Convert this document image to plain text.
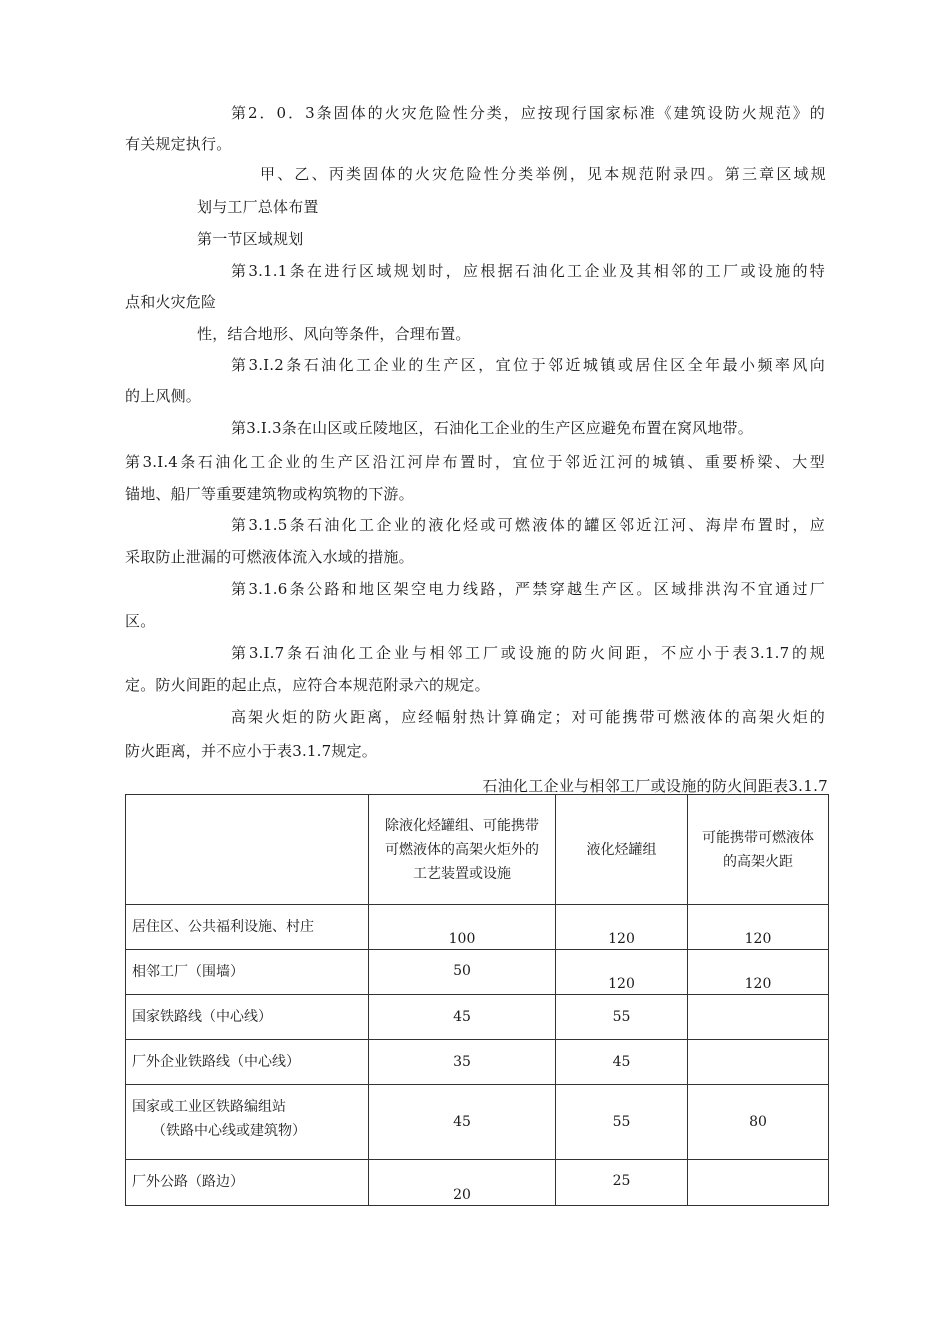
第2．0．3条固体的火灾危险性分类，应按现行国家标准《建筑设防火规范》的
有关规定执行。
甲、乙、丙类固体的火灾危险性分类举例，见本规范附录四。第三章区域规
划与工厂总体布置
第一节区域规划
第3.1.1条在进行区域规划时，应根据石油化工企业及其相邻的工厂或设施的特
点和火灾危险
性，结合地形、风向等条件，合理布置。
第3.I.2条石油化工企业的生产区，宜位于邻近城镇或居住区全年最小频率风向
的上风侧。
第3.I.3条在山区或丘陵地区，石油化工企业的生产区应避免布置在窝风地带。
第3.I.4条石油化工企业的生产区沿江河岸布置时，宜位于邻近江河的城镇、重要桥梁、大型
锚地、船厂等重要建筑物或构筑物的下游。
第3.1.5条石油化工企业的液化烃或可燃液体的罐区邻近江河、海岸布置时，应
采取防止泄漏的可燃液体流入水域的措施。
第3.1.6条公路和地区架空电力线路，严禁穿越生产区。区域排洪沟不宜通过厂
区。
第3.I.7条石油化工企业与相邻工厂或设施的防火间距，不应小于表3.1.7的规
定。防火间距的起止点，应符合本规范附录六的规定。
高架火炬的防火距离，应经幅射热计算确定；对可能携带可燃液体的高架火炬的
防火距离，并不应小于表3.1.7规定。
石油化工企业与相邻工厂或设施的防火间距表3.1.7
	除液化烃罐组、可能携带可燃液体的高架火炬外的工艺装置或设施	液化烃罐组	可能携带可燃液体的高架火距
居住区、公共福利设施、村庄	100	120	120

相邻工厂（围墙）	50	120	120

国家铁路线（中心线）	45	55	

厂外企业铁路线（中心线）	35	45	

国家或工业区铁路编组站
（铁路中心线或建筑物）	45	55	80

厂外公路（路边）	20	25	
